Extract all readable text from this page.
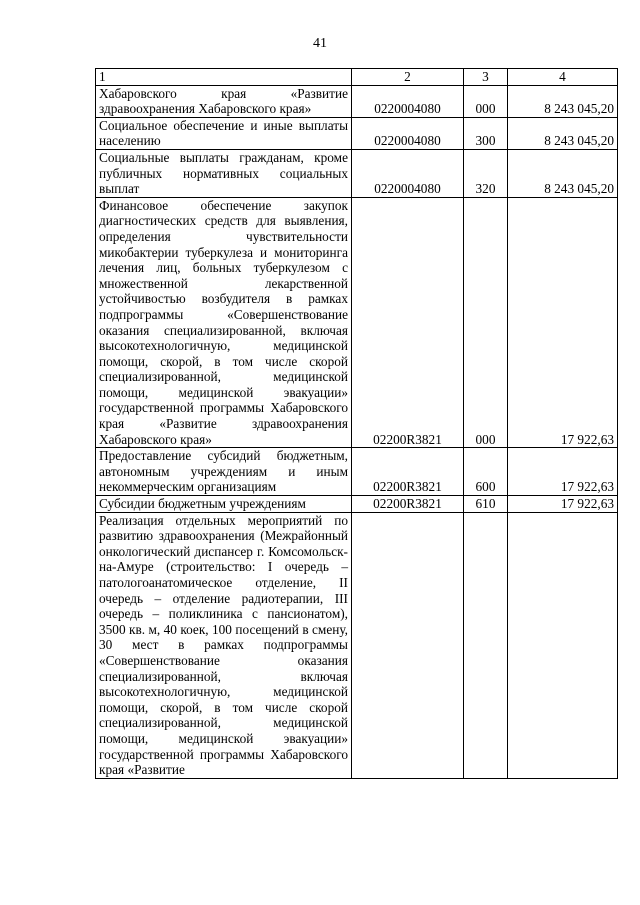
41
1	2	3	4

Хабаровского края «Развитие здравоохранения Хабаровского края»	0220004080	000	8 243 045,20

Социальное обеспечение и иные выплаты населению	0220004080	300	8 243 045,20

Социальные выплаты гражданам, кроме публичных нормативных социальных выплат	0220004080	320	8 243 045,20

Финансовое обеспечение закупок диагностических средств для выявления, определения чувствительности микобактерии туберкулеза и мониторинга лечения лиц, больных туберкулезом с множественной лекарственной устойчивостью возбудителя в рамках подпрограммы «Совершенствование оказания специализированной, включая высокотехнологичную, медицинской помощи, скорой, в том числе скорой специализированной, медицинской помощи, медицинской эвакуации» государственной программы Хабаровского края «Развитие здравоохранения Хабаровского края»	02200R3821	000	17 922,63

Предоставление субсидий бюджетным, автономным учреждениям и иным некоммерческим организациям	02200R3821	600	17 922,63

Субсидии бюджетным учреждениям	02200R3821	610	17 922,63

Реализация отдельных мероприятий по развитию здравоохранения (Межрайонный онкологический диспансер г. Комсомольск-на-Амуре (строительство: I очередь – патологоанатомическое отделение, II очередь – отделение радиотерапии, III очередь – поликлиника с пансионатом), 3500 кв. м, 40 коек, 100 посещений в смену, 30 мест в рамках подпрограммы «Совершенствование оказания специализированной, включая высокотехнологичную, медицинской помощи, скорой, в том числе скорой специализированной, медицинской помощи, медицинской эвакуации» государственной программы Хабаровского края «Развитие			
